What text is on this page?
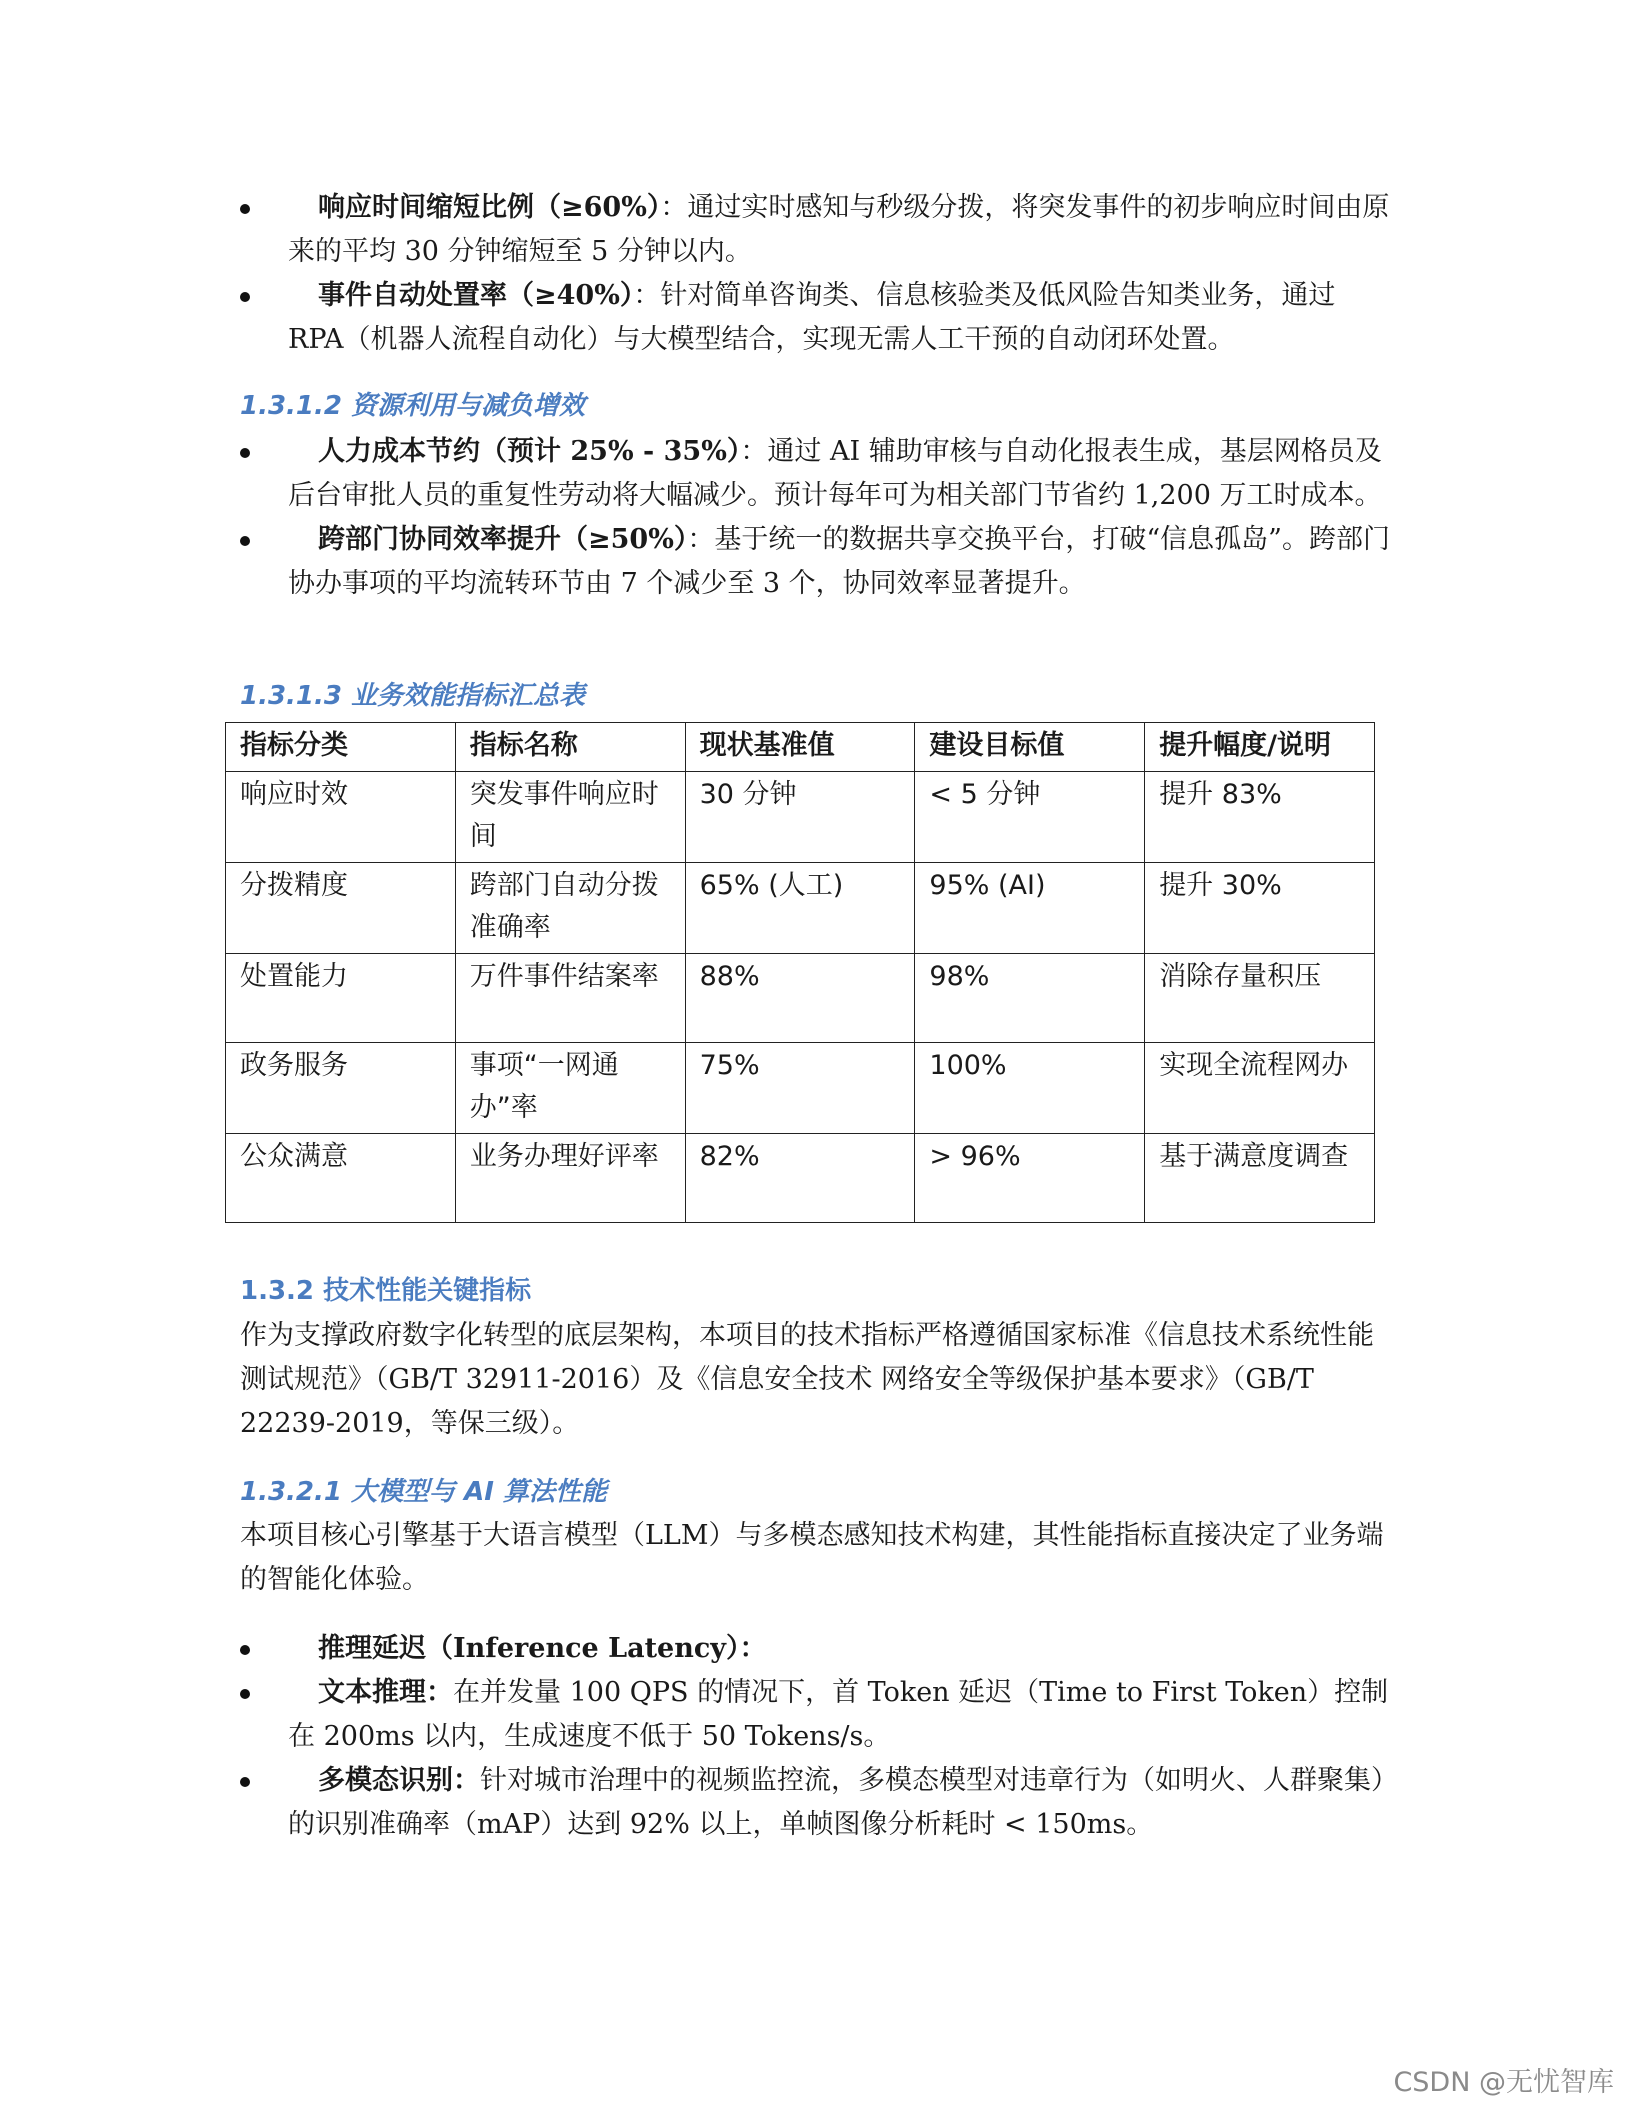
响应时间缩短比例（≥60%）：通过实时感知与秒级分拨，将突发事件的初步响应时间由原来的平均 30 分钟缩短至 5 分钟以内。
事件自动处置率（≥40%）：针对简单咨询类、信息核验类及低风险告知类业务，通过 RPA（机器人流程自动化）与大模型结合，实现无需人工干预的自动闭环处置。
1.3.1.2 资源利用与减负增效
人力成本节约（预计 25% - 35%）：通过 AI 辅助审核与自动化报表生成，基层网格员及后台审批人员的重复性劳动将大幅减少。预计每年可为相关部门节省约 1,200 万工时成本。
跨部门协同效率提升（≥50%）：基于统一的数据共享交换平台，打破“信息孤岛”。跨部门协办事项的平均流转环节由 7 个减少至 3 个，协同效率显著提升。
1.3.1.3 业务效能指标汇总表
指标分类	指标名称	现状基准值	建设目标值	提升幅度/说明
响应时效	突发事件响应时间	30 分钟	< 5 分钟	提升 83%
分拨精度	跨部门自动分拨准确率	65% (人工)	95% (AI)	提升 30%
处置能力	万件事件结案率	88%	98%	消除存量积压
政务服务	事项“一网通办”率	75%	100%	实现全流程网办
公众满意	业务办理好评率	82%	> 96%	基于满意度调查
1.3.2 技术性能关键指标

作为支撑政府数字化转型的底层架构，本项目的技术指标严格遵循国家标准《信息技术系统性能测试规范》（GB/T 32911-2016）及《信息安全技术 网络安全等级保护基本要求》（GB/T 22239-2019，等保三级）。

1.3.2.1 大模型与 AI 算法性能

本项目核心引擎基于大语言模型（LLM）与多模态感知技术构建，其性能指标直接决定了业务端的智能化体验。

推理延迟（Inference Latency）：
文本推理：在并发量 100 QPS 的情况下，首 Token 延迟（Time to First Token）控制在 200ms 以内，生成速度不低于 50 Tokens/s。
多模态识别：针对城市治理中的视频监控流，多模态模型对违章行为（如明火、人群聚集）的识别准确率（mAP）达到 92% 以上，单帧图像分析耗时 < 150ms。
CSDN @无忧智库
